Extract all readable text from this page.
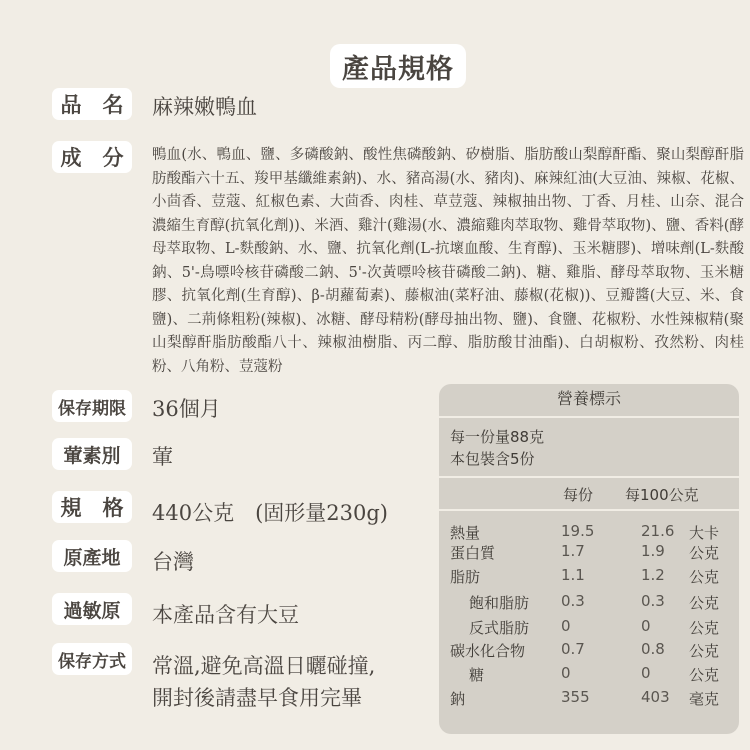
產品規格
品　名	麻辣嫩鴨血
成　分	鴨血(水、鴨血、鹽、多磷酸鈉、酸性焦磷酸鈉、矽樹脂、脂肪酸山梨醇酐酯、聚山梨醇酐脂肪酸酯六十五、羧甲基纖維素鈉)、水、豬高湯(水、豬肉)、麻辣紅油(大豆油、辣椒、花椒、小茴香、荳蔻、紅椒色素、大茴香、肉桂、草荳蔻、辣椒抽出物、丁香、月桂、山奈、混合濃縮生育醇(抗氧化劑))、米酒、雞汁(雞湯(水、濃縮雞肉萃取物、雞骨萃取物)、鹽、香料(酵母萃取物、L-麩酸鈉、水、鹽、抗氧化劑(L-抗壞血酸、生育醇)、玉米糖膠)、增味劑(L-麩酸鈉、5'-鳥嘌呤核苷磷酸二鈉、5'-次黃嘌呤核苷磷酸二鈉)、糖、雞脂、酵母萃取物、玉米糖膠、抗氧化劑(生育醇)、β-胡蘿蔔素)、藤椒油(菜籽油、藤椒(花椒))、豆瓣醬(大豆、米、食鹽)、二荊條粗粉(辣椒)、冰糖、酵母精粉(酵母抽出物、鹽)、食鹽、花椒粉、水性辣椒精(聚山梨醇酐脂肪酸酯八十、辣椒油樹脂、丙二醇、脂肪酸甘油酯)、白胡椒粉、孜然粉、肉桂粉、八角粉、荳蔻粉
保存期限 36個月
葷素別	葷
規　格	440公克　(固形量230g)
原產地	台灣
過敏原	本產品含有大豆
保存方式 常溫,避免高溫日曬碰撞,
開封後請盡早食用完畢
營養標示
每一份量88克
本包裝含5份
每份 每100公克
熱量	19.5	21.6 大卡
蛋白質	1.7	1.9 公克
脂肪	1.1	1.2 公克
飽和脂肪 0.3	0.3 公克
反式脂肪 0	0	公克
碳水化合物 0.7	0.8 公克
糖	0	0	公克
鈉	355	403 毫克
